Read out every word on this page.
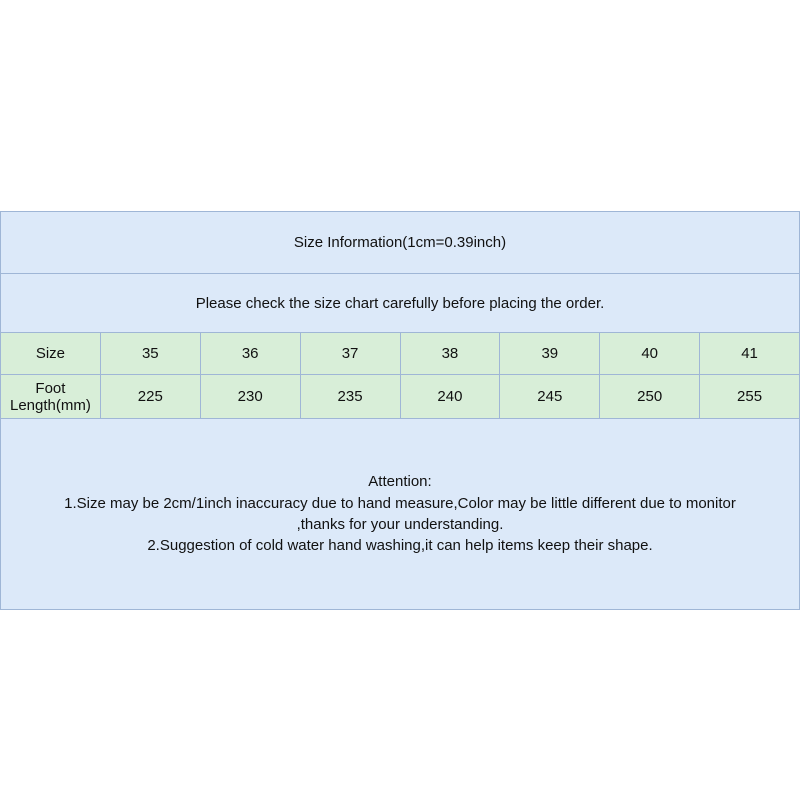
Size Information(1cm=0.39inch)							
Please check the size chart carefully before placing the order.							
Size	35	36	37	38	39	40	41
Foot Length(mm)	225	230	235	240	245	250	255

Attention:
1.Size may be 2cm/1inch inaccuracy due to hand measure,Color may be little different due to monitor
,thanks for your understanding.
2.Suggestion of cold water hand washing,it can help items keep their shape.							
